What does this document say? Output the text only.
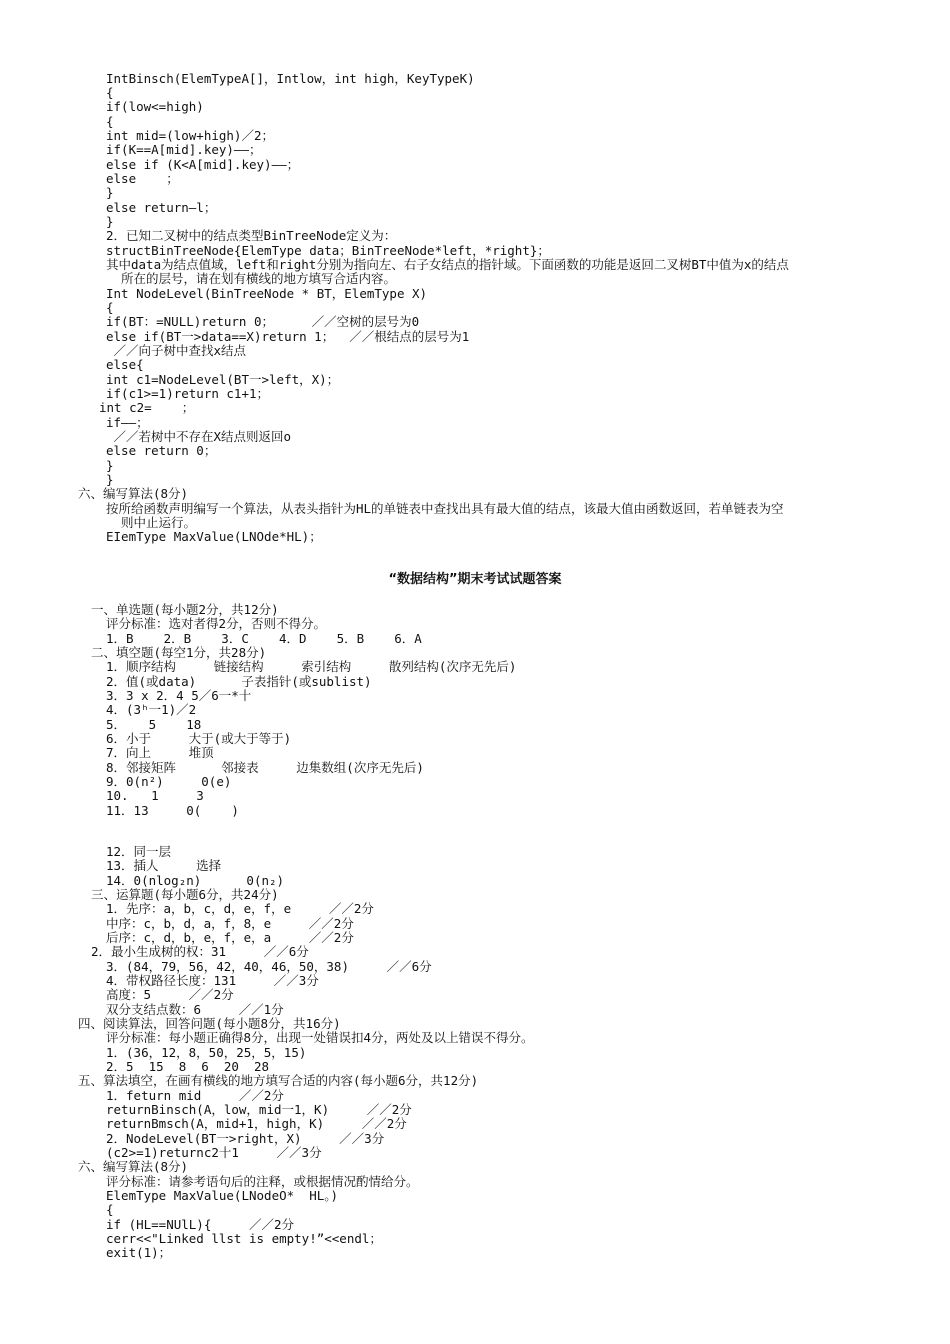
IntBinsch(ElemTypeA[]，Intlow，int high，KeyTypeK)
{
if(low<=high)
{
int mid=(low+high)／2；
if(K==A[mid].key)——；
else if (K<A[mid].key)——；
else    ；
}
else return—l；
}
2．已知二叉树中的结点类型BinTreeNode定义为：
structBinTreeNode{ElemType data；BinTreeNode*left，*right}；
其中data为结点值域，left和right分别为指向左、右子女结点的指针域。下面函数的功能是返回二叉树BT中值为x的结点
所在的层号，请在划有横线的地方填写合适内容。
Int NodeLevel(BinTreeNode * BT，ElemType X)
{
if(BT：=NULL)return 0；     ／／空树的层号为0
else if(BT一>data==X)return 1；  ／／根结点的层号为1
／／向子树中查找x结点
else{
int c1=NodeLevel(BT一>left，X)；
if(c1>=1)return c1+1；
int c2=    ；
if——；
／／若树中不存在X结点则返回o
else return 0；
}
}
六、编写算法(8分)
按所给函数声明编写一个算法，从表头指针为HL的单链表中查找出具有最大值的结点，该最大值由函数返回，若单链表为空
则中止运行。
EIemType MaxValue(LNOde*HL)；
“数据结构”期末考试试题答案
一、单选题(每小题2分，共12分)
评分标准：选对者得2分，否则不得分。
1．B    2．B    3．C    4．D    5．B    6．A
二、填空题(每空1分，共28分)
1．顺序结构     链接结构     索引结构     散列结构(次序无先后)
2．值(或data)      子表指针(或sublist)
3．3 x 2．4 5／6一*十
4．(3ʰ一1)／2
5．   5    18
6．小于     大于(或大于等于)
7．向上     堆顶
8．邻接矩阵      邻接表     边集数组(次序无先后)
9．0(n²)     0(e)
10.   1     3
11．13     0(    )
12．同一层
13．插人     选择
14．0(nlog₂n)      0(n₂)
三、运算题(每小题6分，共24分)
1．先序：a，b，c，d，e，f，e     ／／2分
中序：c，b，d，a，f，8，e     ／／2分
后序：c，d，b，e，f，e，a     ／／2分
2．最小生成树的权：31     ／／6分
3．(84，79，56，42，40，46，50，38)     ／／6分
4．带权路径长度：131     ／／3分
高度：5     ／／2分
双分支结点数：6     ／／1分
四、阅读算法，回答问题(每小题8分，共16分)
评分标准：每小题正确得8分，出现一处错误扣4分，两处及以上错误不得分。
1．(36，12，8，50，25，5，15)
2．5  15  8  6  20  28
五、算法填空，在画有横线的地方填写合适的内容(每小题6分，共12分)
1．feturn mid     ／／2分
returnBinsch(A，low，mid一1，K)     ／／2分
returnBmsch(A，mid+1，high，K)     ／／2分
2．NodeLevel(BT一>right，X)     ／／3分
(c2>=1)returnc2十1     ／／3分
六、编写算法(8分)
评分标准：请参考语句后的注释，或根据情况酌情给分。
ElemType MaxValue(LNodeO*  HL。)
{
if (HL==NUlL){     ／／2分
cerr<<"Linked llst is empty!”<<endl；
exit(1)；
